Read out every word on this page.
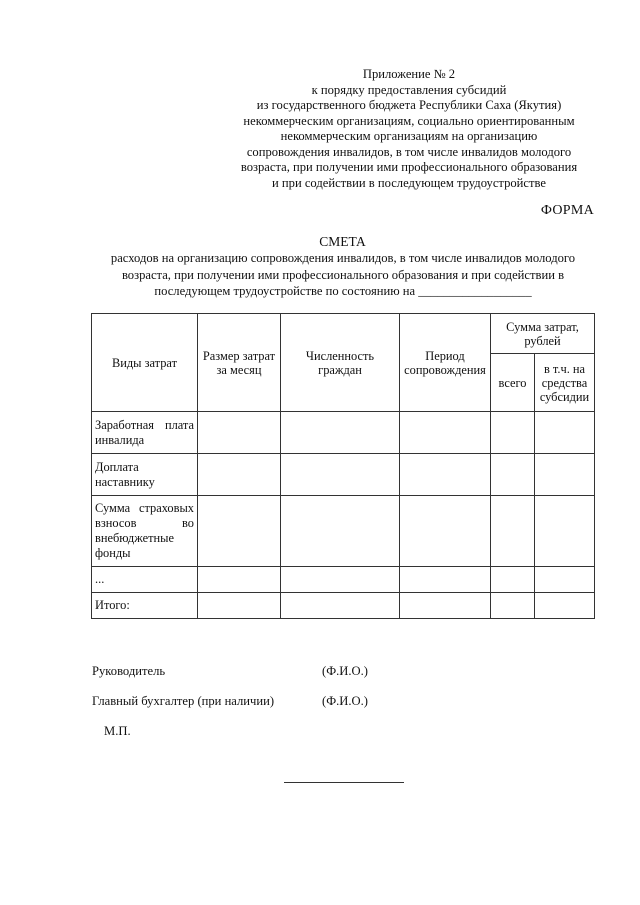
Приложение № 2
к порядку предоставления субсидий
из государственного бюджета Республики Саха (Якутия)
некоммерческим организациям, социально ориентированным
некоммерческим организациям на организацию
сопровождения инвалидов, в том числе инвалидов молодого
возраста, при получении ими профессионального образования
и при содействии в последующем трудоустройстве
ФОРМА
СМЕТА
расходов на организацию сопровождения инвалидов, в том числе инвалидов молодого
возраста, при получении ими профессионального образования и при содействии в
последующем трудоустройстве по состоянию на __________________
Виды затрат	Размер затрат за месяц	Численность граждан	Период сопровождения	Сумма затрат, рублей	
				всего	в т.ч. на средства субсидии
Заработная плата инвалида					
Доплата наставнику					
Сумма страховых взносов во внебюджетные фонды					
...					
Итого:					
Руководитель	(Ф.И.О.)
Главный бухгалтер (при наличии)	(Ф.И.О.)
М.П.
